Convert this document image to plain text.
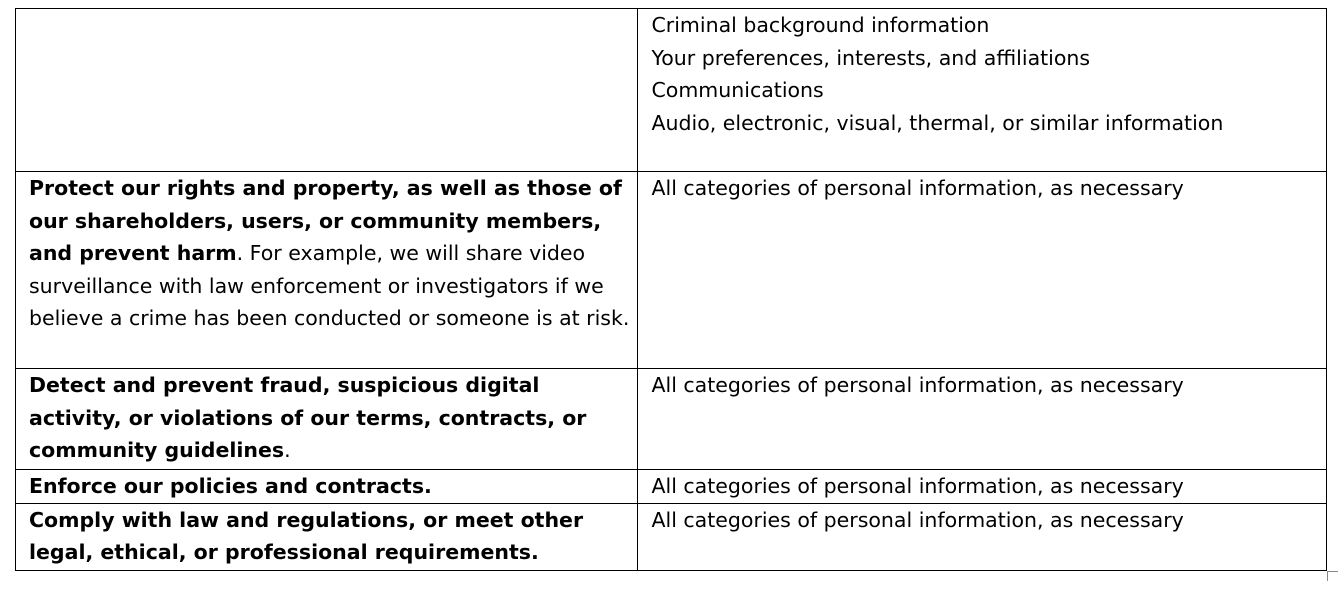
	Criminal background information
Your preferences, interests, and affiliations
Communications
Audio, electronic, visual, thermal, or similar information

Protect our rights and property, as well as those of our shareholders, users, or community members, and prevent harm. For example, we will share video surveillance with law enforcement or investigators if we believe a crime has been conducted or someone is at risk.	All categories of personal information, as necessary

Detect and prevent fraud, suspicious digital activity, or violations of our terms, contracts, or community guidelines.	All categories of personal information, as necessary

Enforce our policies and contracts.	All categories of personal information, as necessary

Comply with law and regulations, or meet other legal, ethical, or professional requirements.	All categories of personal information, as necessary
